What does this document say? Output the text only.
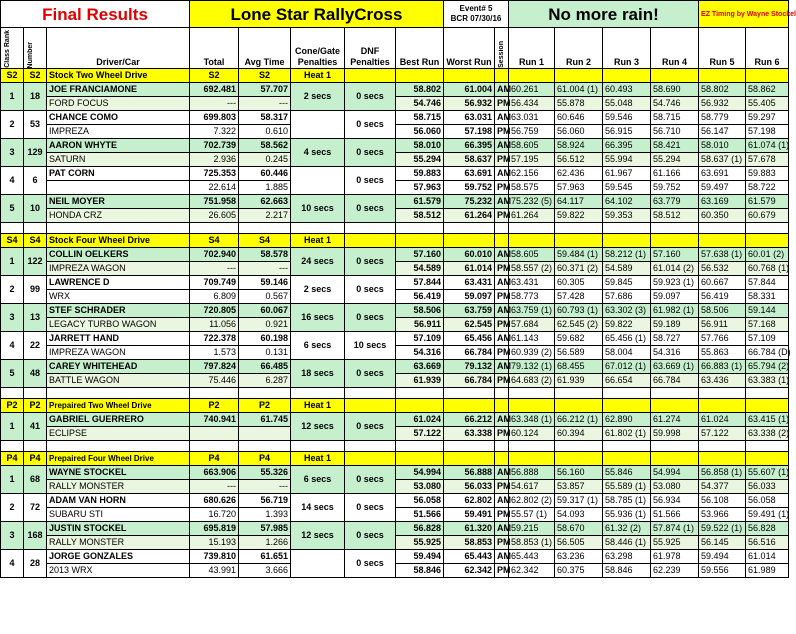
Final Results			Lone Star RallyCross					Event# 5
BCR 07/30/16		No more rain!				EZ Timing by Wayne Stockel	

Class Rank	Number	Driver/Car	Total	Avg Time	Cone/Gate Penalties	DNF Penalties	Best Run	Worst Run	Session	Run 1	Run 2	Run 3	Run 4	Run 5	Run 6
S2	S2	Stock Two Wheel Drive	S2	S2	Heat 1										
1	18	JOE FRANCIAMONE	692.481	57.707	2 secs	0 secs	58.802	61.004	AM	60.261	61.004 (1)	60.493	58.690	58.802	58.862
		FORD FOCUS	---	---			54.746	56.932	PM	56.434	55.878	55.048	54.746	56.932	55.405
2	53	CHANCE COMO	699.803	58.317		0 secs	58.715	63.031	AM	63.031	60.646	59.546	58.715	58.779	59.297
		IMPREZA	7.322	0.610			56.060	57.198	PM	56.759	56.060	56.915	56.710	56.147	57.198
3	129	AARON WHYTE	702.739	58.562	4 secs	0 secs	58.010	66.395	AM	58.605	58.924	66.395	58.421	58.010	61.074 (1)
		SATURN	2.936	0.245			55.294	58.637	PM	57.195	56.512	55.994	55.294	58.637 (1)	57.678
4	6	PAT CORN	725.353	60.446		0 secs	59.883	63.691	AM	62.156	62.436	61.967	61.166	63.691	59.883
			22.614	1.885			57.963	59.752	PM	58.575	57.963	59.545	59.752	59.497	58.722
5	10	NEIL MOYER	751.958	62.663	10 secs	0 secs	61.579	75.232	AM	75.232 (5)	64.117	64.102	63.779	63.169	61.579
		HONDA CRZ	26.605	2.217			58.512	61.264	PM	61.264	59.822	59.353	58.512	60.350	60.679

S4	S4	Stock Four Wheel Drive	S4	S4	Heat 1										
1	122	COLLIN OELKERS	702.940	58.578	24 secs	0 secs	57.160	60.010	AM	58.605	59.484 (1)	58.212 (1)	57.160	57.638 (1)	60.01 (2)
		IMPREZA WAGON	---	---			54.589	61.014	PM	58.557 (2)	60.371 (2)	54.589	61.014 (2)	56.532	60.768 (1)
2	99	LAWRENCE D	709.749	59.146	2 secs	0 secs	57.844	63.431	AM	63.431	60.305	59.845	59.923 (1)	60.667	57.844
		WRX	6.809	0.567			56.419	59.097	PM	58.773	57.428	57.686	59.097	56.419	58.331
3	13	STEF SCHRADER	720.805	60.067	16 secs	0 secs	58.506	63.759	AM	63.759 (1)	60.793 (1)	63.302 (3)	61.982 (1)	58.506	59.144
		LEGACY TURBO WAGON	11.056	0.921			56.911	62.545	PM	57.684	62.545 (2)	59.822	59.189	56.911	57.168
4	22	JARRETT HAND	722.378	60.198	6 secs	10 secs	57.109	65.456	AM	61.143	59.682	65.456 (1)	58.727	57.766	57.109
		IMPREZA WAGON	1.573	0.131			54.316	66.784	PM	60.939 (2)	56.589	58.004	54.316	55.863	66.784 (D)
5	48	CAREY WHITEHEAD	797.824	66.485	18 secs	0 secs	63.669	79.132	AM	79.132 (1)	68.455	67.012 (1)	63.669 (1)	66.883 (1)	65.794 (2)
		BATTLE WAGON	75.446	6.287			61.939	66.784	PM	64.683 (2)	61.939	66.654	66.784	63.436	63.383 (1)

P2	P2	Prepaired Two Wheel Drive	P2	P2	Heat 1										
1	41	GABRIEL GUERRERO	740.941	61.745	12 secs	0 secs	61.024	66.212	AM	63.348 (1)	66.212 (1)	62.890	61.274	61.024	63.415 (1)
		ECLIPSE					57.122	63.338	PM	60.124	60.394	61.802 (1)	59.998	57.122	63.338 (2)

P4	P4	Prepaired Four Wheel Drive	P4	P4	Heat 1										
1	68	WAYNE STOCKEL	663.906	55.326	6 secs	0 secs	54.994	56.888	AM	56.888	56.160	55.846	54.994	56.858 (1)	55.607 (1)
		RALLY MONSTER	---	---			53.080	56.033	PM	54.617	53.857	55.589 (1)	53.080	54.377	56.033
2	72	ADAM VAN HORN	680.626	56.719	14 secs	0 secs	56.058	62.802	AM	62.802 (2)	59.317 (1)	58.785 (1)	56.934	56.108	56.058
		SUBARU STI	16.720	1.393			51.566	59.491	PM	55.57 (1)	54.093	55.936 (1)	51.566	53.966	59.491 (1)
3	168	JUSTIN STOCKEL	695.819	57.985	12 secs	0 secs	56.828	61.320	AM	59.215	58.670	61.32 (2)	57.874 (1)	59.522 (1)	56.828
		RALLY MONSTER	15.193	1.266			55.925	58.853	PM	58.853 (1)	56.505	58.446 (1)	55.925	56.145	56.516
4	28	JORGE GONZALES	739.810	61.651		0 secs	59.494	65.443	AM	65.443	63.236	63.298	61.978	59.494	61.014
		2013 WRX	43.991	3.666			58.846	62.342	PM	62.342	60.375	58.846	62.239	59.556	61.989
